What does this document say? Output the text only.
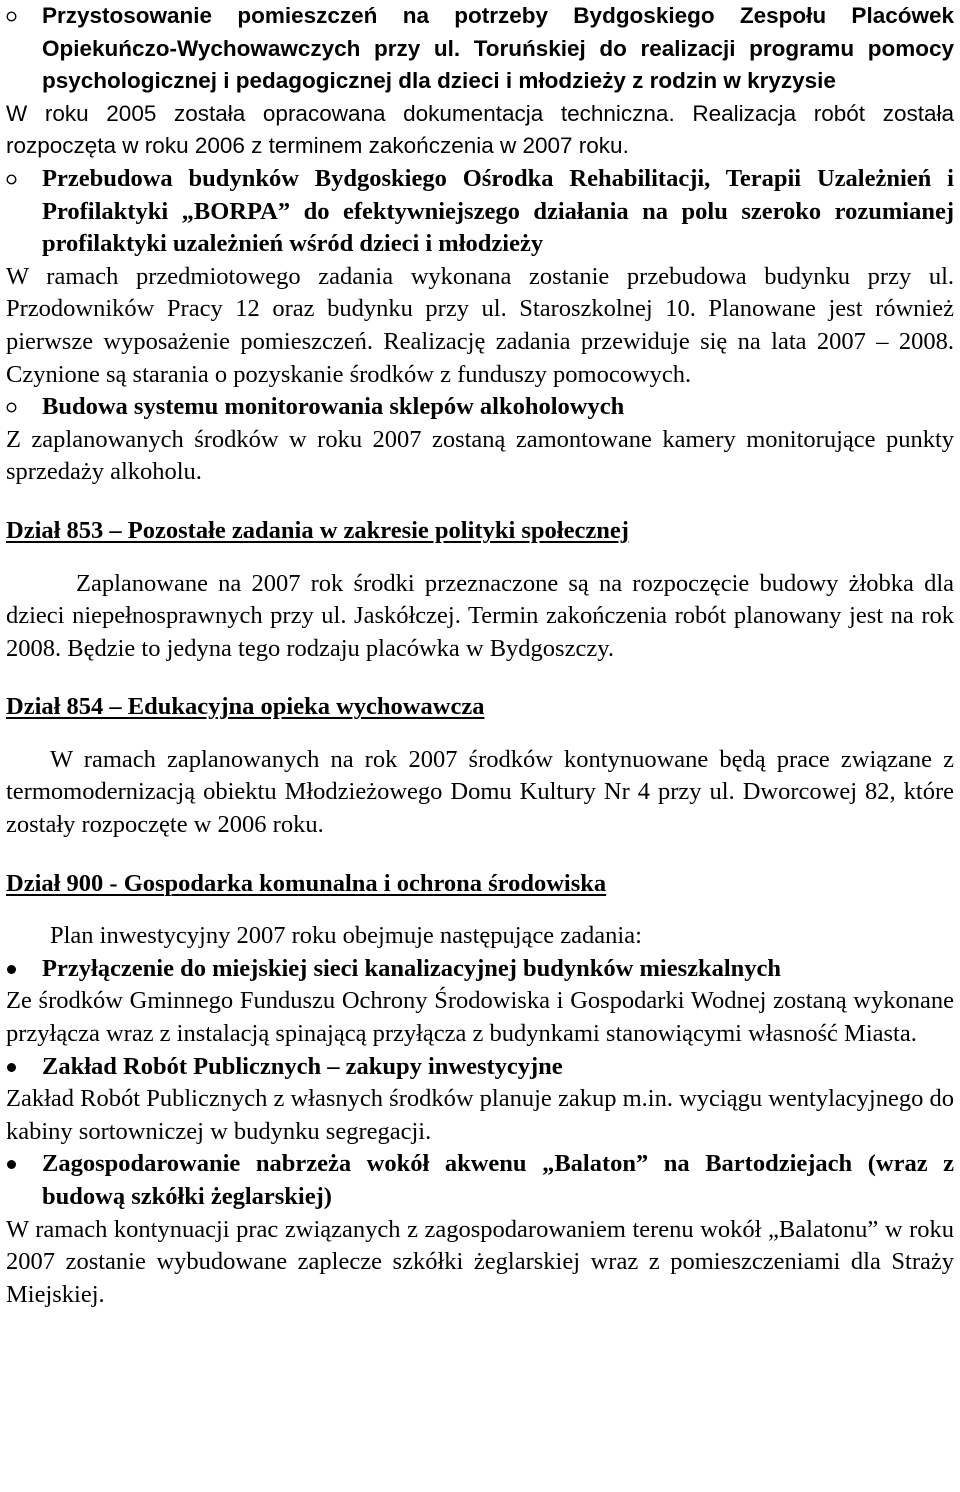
Przystosowanie pomieszczeń na potrzeby Bydgoskiego Zespołu Placówek Opiekuńczo-Wychowawczych przy ul. Toruńskiej do realizacji programu pomocy psychologicznej i pedagogicznej dla dzieci i młodzieży z rodzin w kryzysie
W roku 2005 została opracowana dokumentacja techniczna. Realizacja robót została rozpoczęta w roku 2006 z terminem zakończenia w 2007 roku.
Przebudowa budynków Bydgoskiego Ośrodka Rehabilitacji, Terapii Uzależnień i Profilaktyki „BORPA” do efektywniejszego działania na polu szeroko rozumianej profilaktyki uzależnień wśród dzieci i młodzieży
W ramach przedmiotowego zadania wykonana zostanie przebudowa budynku przy ul. Przodowników Pracy 12 oraz budynku przy ul. Staroszkolnej 10. Planowane jest również pierwsze wyposażenie pomieszczeń. Realizację zadania przewiduje się na lata 2007 – 2008. Czynione są starania o pozyskanie środków z funduszy pomocowych.
Budowa systemu monitorowania sklepów alkoholowych
Z zaplanowanych środków w roku 2007 zostaną zamontowane kamery monitorujące punkty sprzedaży alkoholu.
Dział 853 – Pozostałe zadania w zakresie polityki społecznej
Zaplanowane na 2007 rok środki przeznaczone są na rozpoczęcie budowy żłobka dla dzieci niepełnosprawnych przy ul. Jaskółczej. Termin zakończenia robót planowany jest na rok 2008. Będzie to jedyna tego rodzaju placówka w Bydgoszczy.
Dział 854 – Edukacyjna opieka wychowawcza
W ramach zaplanowanych na rok 2007 środków kontynuowane będą prace związane z termomodernizacją obiektu Młodzieżowego Domu Kultury Nr 4 przy ul. Dworcowej 82, które zostały rozpoczęte w 2006 roku.
Dział 900 - Gospodarka komunalna i ochrona środowiska
Plan inwestycyjny 2007 roku obejmuje następujące zadania:
Przyłączenie do miejskiej sieci kanalizacyjnej budynków mieszkalnych
Ze środków Gminnego Funduszu Ochrony Środowiska i Gospodarki Wodnej zostaną wykonane przyłącza wraz z instalacją spinającą przyłącza z budynkami stanowiącymi własność Miasta.
Zakład Robót Publicznych – zakupy inwestycyjne
Zakład Robót Publicznych z własnych środków planuje zakup m.in. wyciągu wentylacyjnego do kabiny sortowniczej w budynku segregacji.
Zagospodarowanie nabrzeża wokół akwenu „Balaton” na Bartodziejach (wraz z budową szkółki żeglarskiej)
W ramach kontynuacji prac związanych z zagospodarowaniem terenu wokół „Balatonu” w roku 2007 zostanie wybudowane zaplecze szkółki żeglarskiej wraz z pomieszczeniami dla Straży Miejskiej.
